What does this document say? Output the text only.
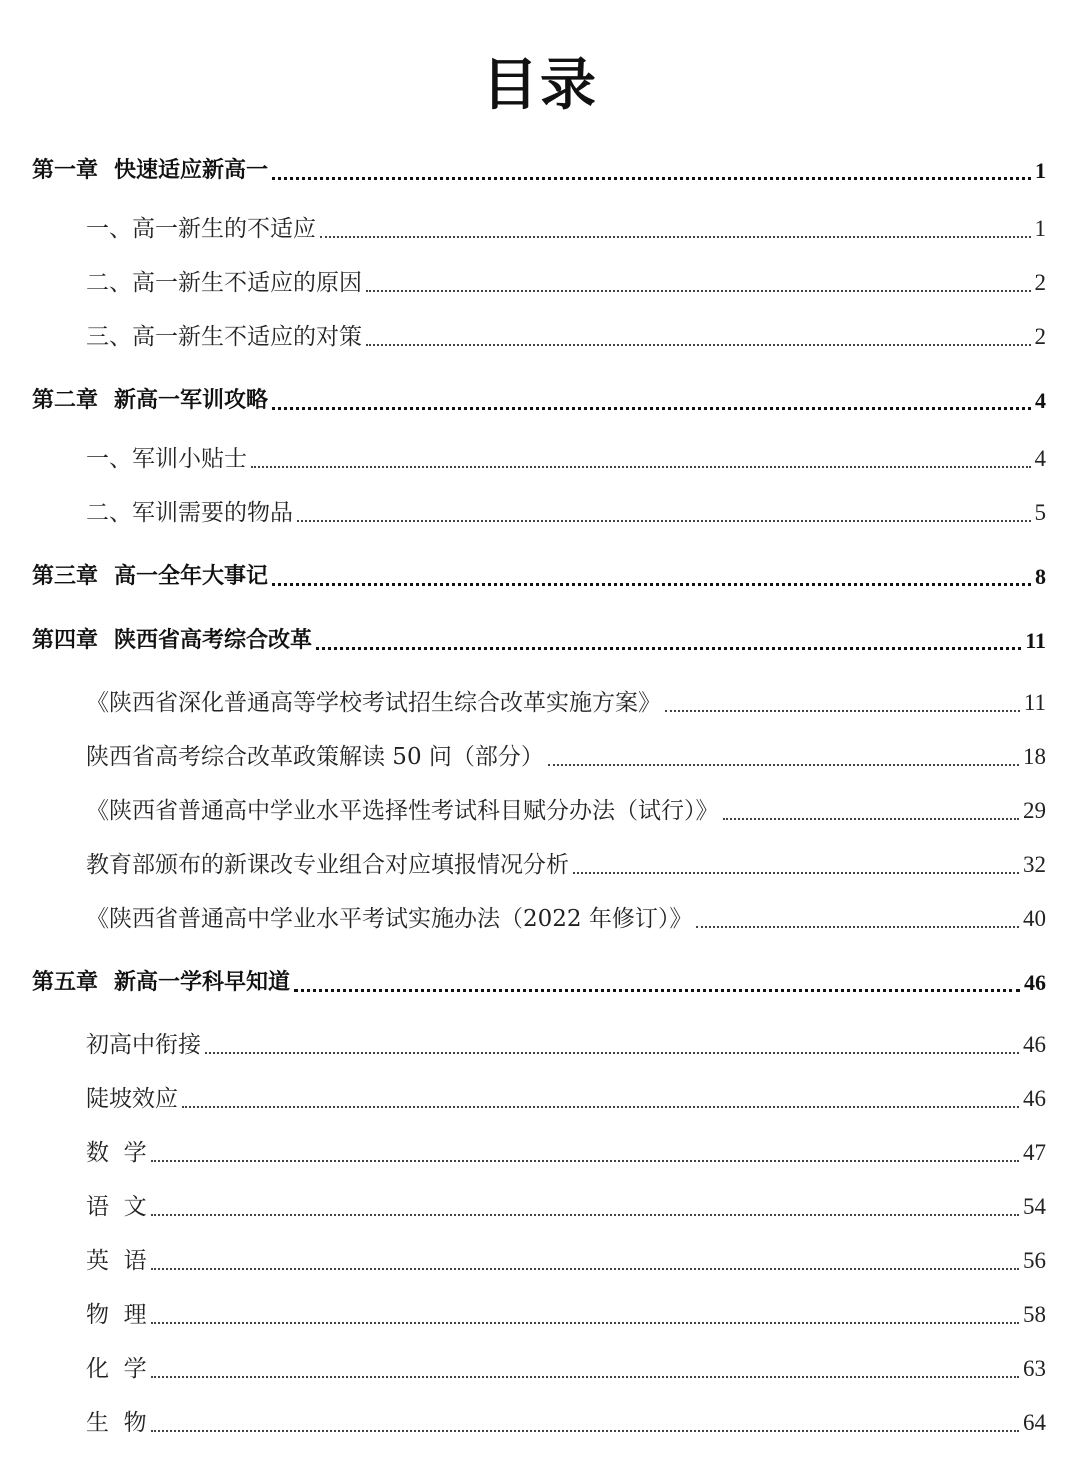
目录
第一章 快速适应新高一	1
一、高一新生的不适应	1
二、高一新生不适应的原因	2
三、高一新生不适应的对策	2
第二章 新高一军训攻略	4
一、军训小贴士	4
二、军训需要的物品	5
第三章 高一全年大事记	8
第四章 陕西省高考综合改革	11
《陕西省深化普通高等学校考试招生综合改革实施方案》	11
陕西省高考综合改革政策解读 50 问（部分）	18
《陕西省普通高中学业水平选择性考试科目赋分办法（试行）》	29
教育部颁布的新课改专业组合对应填报情况分析	32
《陕西省普通高中学业水平考试实施办法（2022 年修订）》	40
第五章 新高一学科早知道	46
初高中衔接	46
陡坡效应	46
数  学	47
语  文	54
英  语	56
物  理	58
化  学	63
生  物	64
